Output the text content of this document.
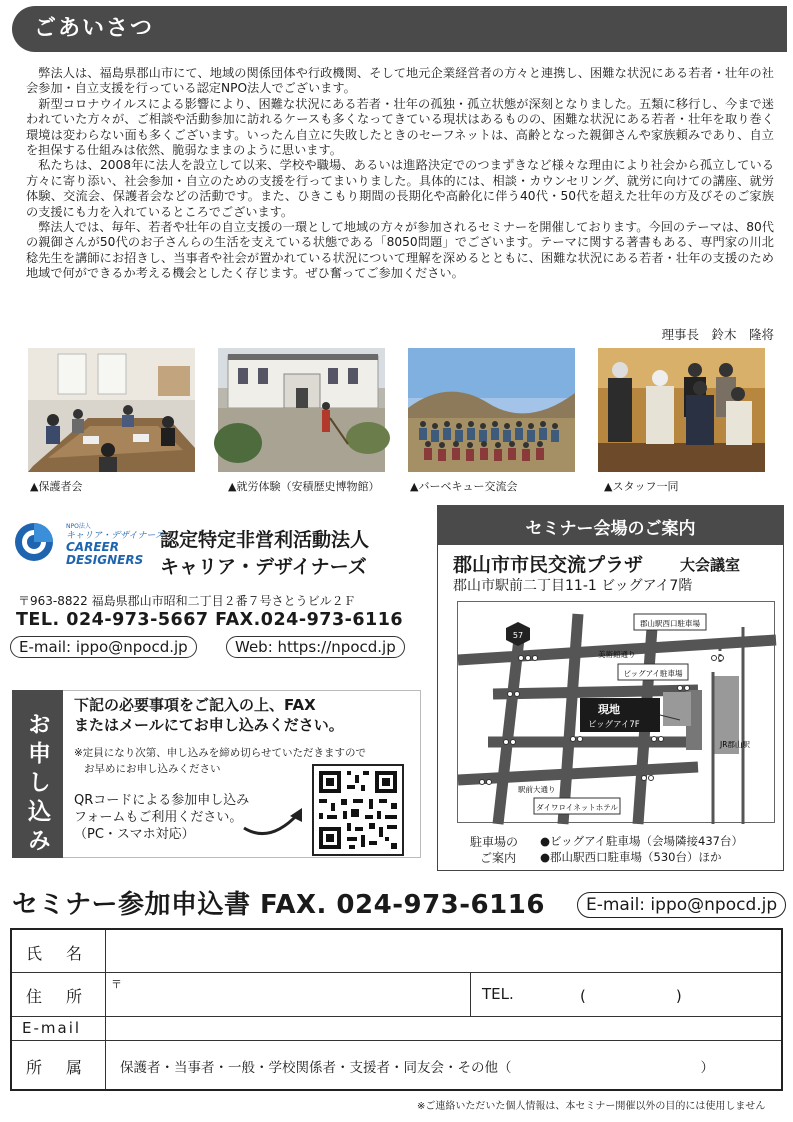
ごあいさつ

弊法人は、福島県郡山市にて、地域の関係団体や行政機関、そして地元企業経営者の方々と連携し、困難な状況にある若者・壮年の社会参加・自立支援を行っている認定NPO法人でございます。

新型コロナウイルスによる影響により、困難な状況にある若者・壮年の孤独・孤立状態が深刻となりました。五類に移行し、今まで迷われていた方々が、ご相談や活動参加に訪れるケースも多くなってきている現状はあるものの、困難な状況にある若者・壮年を取り巻く環境は変わらない面も多くございます。いったん自立に失敗したときのセーフネットは、高齢となった親御さんや家族頼みであり、自立を担保する仕組みは依然、脆弱なままのように思います。

私たちは、2008年に法人を設立して以来、学校や職場、あるいは進路決定でのつまずきなど様々な理由により社会から孤立している方々に寄り添い、社会参加・自立のための支援を行ってまいりました。具体的には、相談・カウンセリング、就労に向けての講座、就労体験、交流会、保護者会などの活動です。また、ひきこもり期間の長期化や高齢化に伴う40代・50代を超えた壮年の方及びそのご家族の支援にも力を入れているところでございます。

弊法人では、毎年、若者や壮年の自立支援の一環として地域の方々が参加されるセミナーを開催しております。今回のテーマは、80代の親御さんが50代のお子さんらの生活を支えている状態である「8050問題」でございます。テーマに関する著書もある、専門家の川北稔先生を講師にお招きし、当事者や社会が置かれている状況について理解を深めるとともに、困難な状況にある若者・壮年の支援のため地域で何ができるか考える機会としたく存じます。ぜひ奮ってご参加ください。

理事長　鈴木　隆将
▲保護者会	▲就労体験（安積歴史博物館）	▲バーベキュー交流会	▲スタッフ一同
NPO法人
キャリア・デザイナーズ
CAREER
DESIGNERS
認定特定非営利活動法人
キャリア・デザイナーズ
〒963-8822 福島県郡山市昭和二丁目２番７号さとうビル２Ｆ
TEL. 024-973-5667 FAX.024-973-6116
E-mail: ippo@npocd.jp	Web: https://npocd.jp
お申し込み
下記の必要事項をご記入の上、FAX
またはメールにてお申し込みください。
※定員になり次第、申し込みを締め切らせていただきますので
お早めにお申し込みください
QRコードによる参加申し込み
フォームもご利用ください。
（PC・スマホ対応）
セミナー会場のご案内
郡山市市民交流プラザ 大会議室
郡山市駅前二丁目11-1 ビッグアイ7階
57
郡山駅西口駐車場
美術館通り
ビッグアイ駐車場
現地
ビッグアイ7F
JR郡山駅
駅前大通り
ダイワロイネットホテル
駐車場の
ご案内
●ビッグアイ駐車場（会場隣接437台）
●郡山駅西口駐車場（530台）ほか
セミナー参加申込書 FAX. 024-973-6116	E-mail: ippo@npocd.jp
氏　名
住　所
〒
TEL.	(　　　　　　)
E-mail
所　属	保護者・当事者・一般・学校関係者・支援者・同友会・その他（　　　　　　　　　　　　　　）
※ご連絡いただいた個人情報は、本セミナー開催以外の目的には使用しません
